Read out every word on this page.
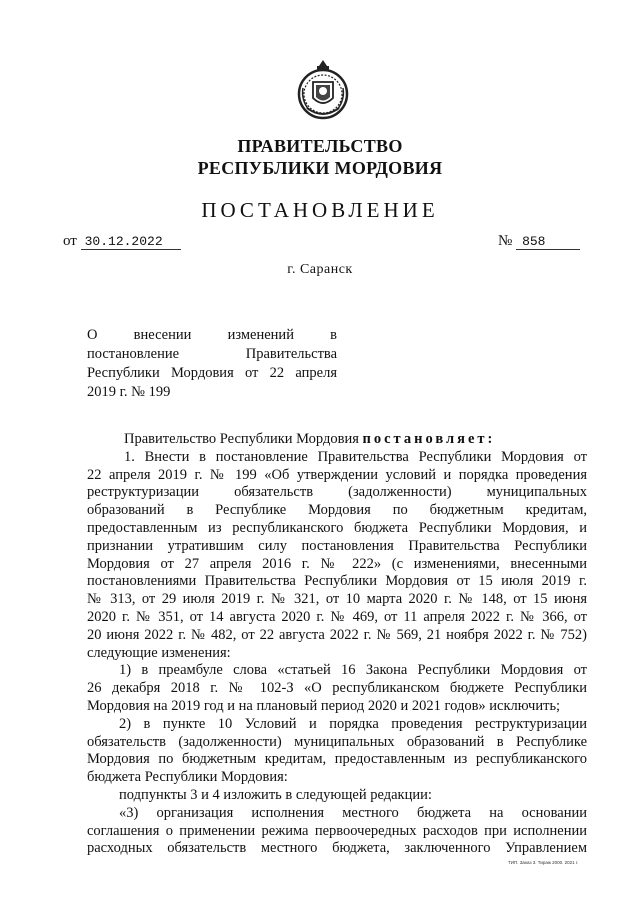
ПРАВИТЕЛЬСТВО
РЕСПУБЛИКИ МОРДОВИЯ
ПОСТАНОВЛЕНИЕ
от 30.12.2022	№ 858
г. Саранск
О внесении изменений в
постановление Правительства
Республики Мордовия от 22 апреля
2019 г. № 199
Правительство Республики Мордовия постановляет:
1. Внести в постановление Правительства Республики Мордовия от
22 апреля 2019 г. № 199 «Об утверждении условий и порядка проведения
реструктуризации обязательств (задолженности) муниципальных
образований в Республике Мордовия по бюджетным кредитам,
предоставленным из республиканского бюджета Республики Мордовия, и
признании утратившим силу постановления Правительства Республики
Мордовия от 27 апреля 2016 г. № 222» (с изменениями, внесенными
постановлениями Правительства Республики Мордовия от 15 июля 2019 г.
№ 313, от 29 июля 2019 г. № 321, от 10 марта 2020 г. № 148, от 15 июня
2020 г. № 351, от 14 августа 2020 г. № 469, от 11 апреля 2022 г. № 366, от
20 июня 2022 г. № 482, от 22 августа 2022 г. № 569, 21 ноября 2022 г. № 752)
следующие изменения:
1) в преамбуле слова «статьей 16 Закона Республики Мордовия от
26 декабря 2018 г. № 102-З «О республиканском бюджете Республики
Мордовия на 2019 год и на плановый период 2020 и 2021 годов» исключить;
2) в пункте 10 Условий и порядка проведения реструктуризации
обязательств (задолженности) муниципальных образований в Республике
Мордовия по бюджетным кредитам, предоставленным из республиканского
бюджета Республики Мордовия:
подпункты 3 и 4 изложить в следующей редакции:
«3) организация исполнения местного бюджета на основании
соглашения о применении режима первоочередных расходов при исполнении
расходных обязательств местного бюджета, заключенного Управлением
ТИП. Заказ 3. Тираж 2000. 2021 г.
